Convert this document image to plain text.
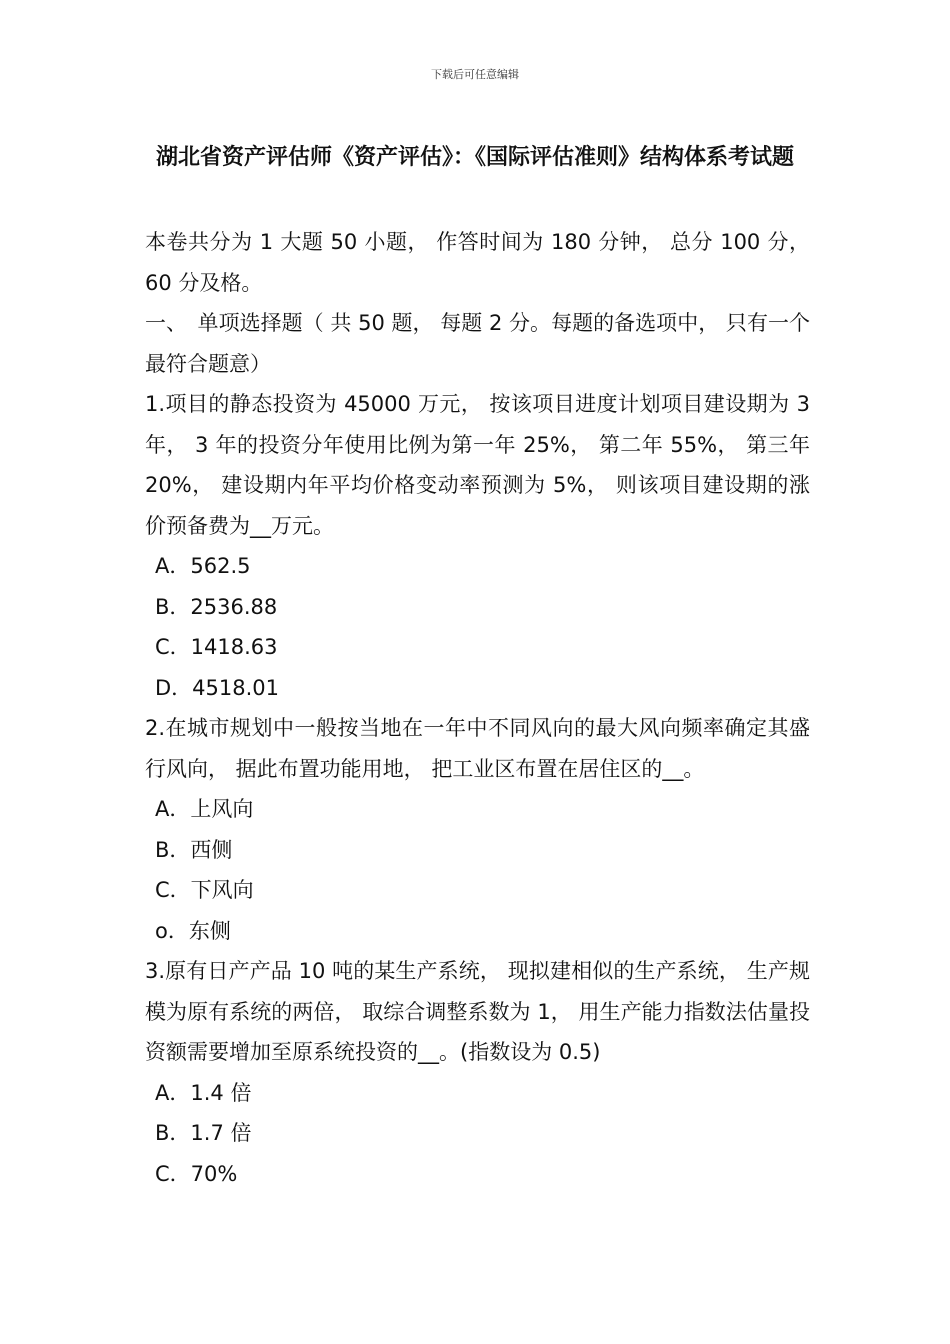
下载后可任意编辑
湖北省资产评估师《资产评估》：《国际评估准则》结构体系考试题

本卷共分为 1 大题 50 小题， 作答时间为 180 分钟， 总分 100 分， 60 分及格。

一、　单项选择题（ 共 50 题， 每题 2 分。每题的备选项中， 只有一个最符合题意）

1.项目的静态投资为 45000 万元， 按该项目进度计划项目建设期为 3 年， 3 年的投资分年使用比例为第一年 25%， 第二年 55%， 第三年 20%， 建设期内年平均价格变动率预测为 5%， 则该项目建设期的涨价预备费为__万元。

A．562.5

B．2536.88

C．1418.63

D．4518.01

2.在城市规划中一般按当地在一年中不同风向的最大风向频率确定其盛行风向， 据此布置功能用地， 把工业区布置在居住区的__。

A．上风向

B．西侧

C．下风向

o．东侧

3.原有日产产品 10 吨的某生产系统， 现拟建相似的生产系统， 生产规模为原有系统的两倍， 取综合调整系数为 1， 用生产能力指数法估量投资额需要增加至原系统投资的__。(指数设为 0.5)

A．1.4 倍

B．1.7 倍

C．70%
